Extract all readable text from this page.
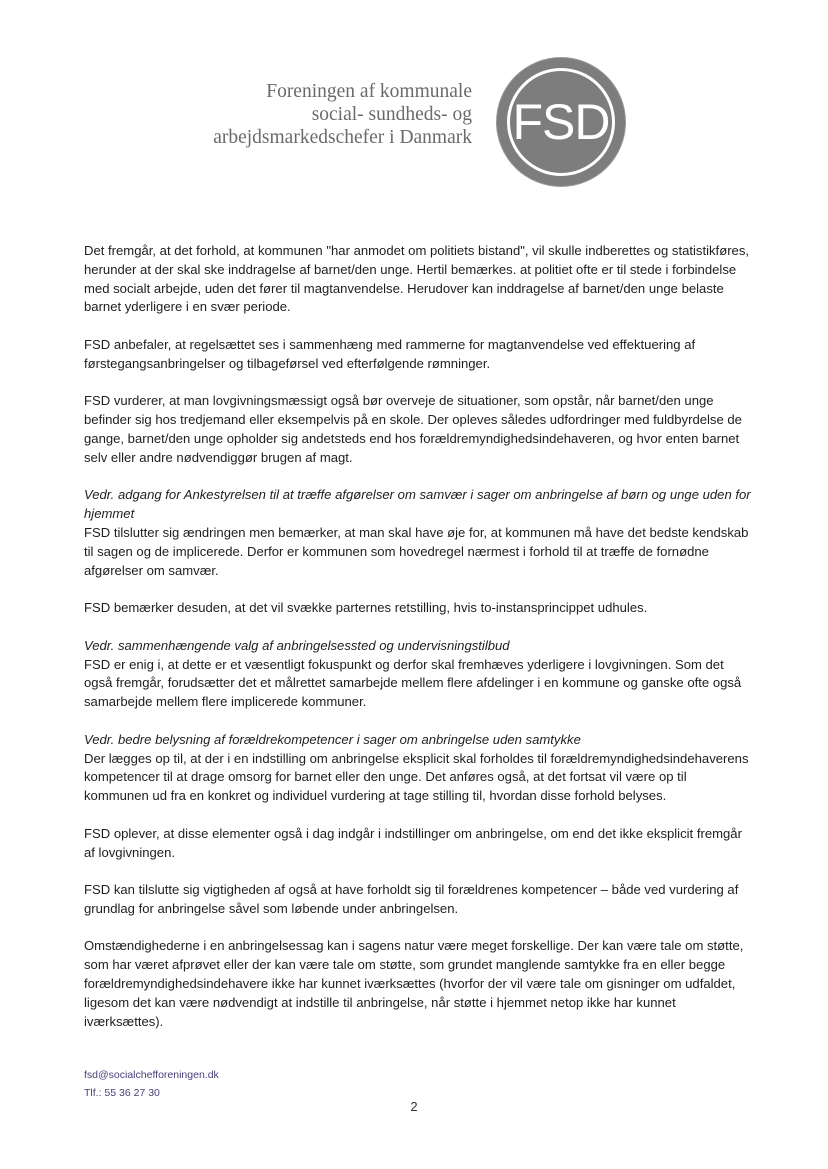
Foreningen af kommunale
social- sundheds- og
arbejdsmarkedschefer i Danmark FSD

Det fremgår, at det forhold, at kommunen "har anmodet om politiets bistand", vil skulle indberettes og statistikføres, herunder at der skal ske inddragelse af barnet/den unge. Hertil bemærkes. at politiet ofte er til stede i forbindelse med socialt arbejde, uden det fører til magtanvendelse. Herudover kan inddragelse af barnet/den unge belaste barnet yderligere i en svær periode.

FSD anbefaler, at regelsættet ses i sammenhæng med rammerne for magtanvendelse ved effektuering af førstegangsanbringelser og tilbageførsel ved efterfølgende rømninger.

FSD vurderer, at man lovgivningsmæssigt også bør overveje de situationer, som opstår, når barnet/den unge befinder sig hos tredjemand eller eksempelvis på en skole. Der opleves således udfordringer med fuldbyrdelse de gange, barnet/den unge opholder sig andetsteds end hos forældremyndighedsindehaveren, og hvor enten barnet selv eller andre nødvendiggør brugen af magt.

Vedr. adgang for Ankestyrelsen til at træffe afgørelser om samvær i sager om anbringelse af børn og unge uden for hjemmet

FSD tilslutter sig ændringen men bemærker, at man skal have øje for, at kommunen må have det bedste kendskab til sagen og de implicerede. Derfor er kommunen som hovedregel nærmest i forhold til at træffe de fornødne afgørelser om samvær.

FSD bemærker desuden, at det vil svække parternes retstilling, hvis to-instansprincippet udhules.

Vedr. sammenhængende valg af anbringelsessted og undervisningstilbud

FSD er enig i, at dette er et væsentligt fokuspunkt og derfor skal fremhæves yderligere i lovgivningen. Som det også fremgår, forudsætter det et målrettet samarbejde mellem flere afdelinger i en kommune og ganske ofte også samarbejde mellem flere implicerede kommuner.

Vedr. bedre belysning af forældrekompetencer i sager om anbringelse uden samtykke

Der lægges op til, at der i en indstilling om anbringelse eksplicit skal forholdes til forældremyndighedsindehaverens kompetencer til at drage omsorg for barnet eller den unge. Det anføres også, at det fortsat vil være op til kommunen ud fra en konkret og individuel vurdering at tage stilling til, hvordan disse forhold belyses.

FSD oplever, at disse elementer også i dag indgår i indstillinger om anbringelse, om end det ikke eksplicit fremgår af lovgivningen.

FSD kan tilslutte sig vigtigheden af også at have forholdt sig til forældrenes kompetencer – både ved vurdering af grundlag for anbringelse såvel som løbende under anbringelsen.

Omstændighederne i en anbringelsessag kan i sagens natur være meget forskellige. Der kan være tale om støtte, som har været afprøvet eller der kan være tale om støtte, som grundet manglende samtykke fra en eller begge forældremyndighedsindehavere ikke har kunnet iværksættes (hvorfor der vil være tale om gisninger om udfaldet, ligesom det kan være nødvendigt at indstille til anbringelse, når støtte i hjemmet netop ikke har kunnet iværksættes).

fsd@socialchefforeningen.dk
Tlf.: 55 36 27 30
2
